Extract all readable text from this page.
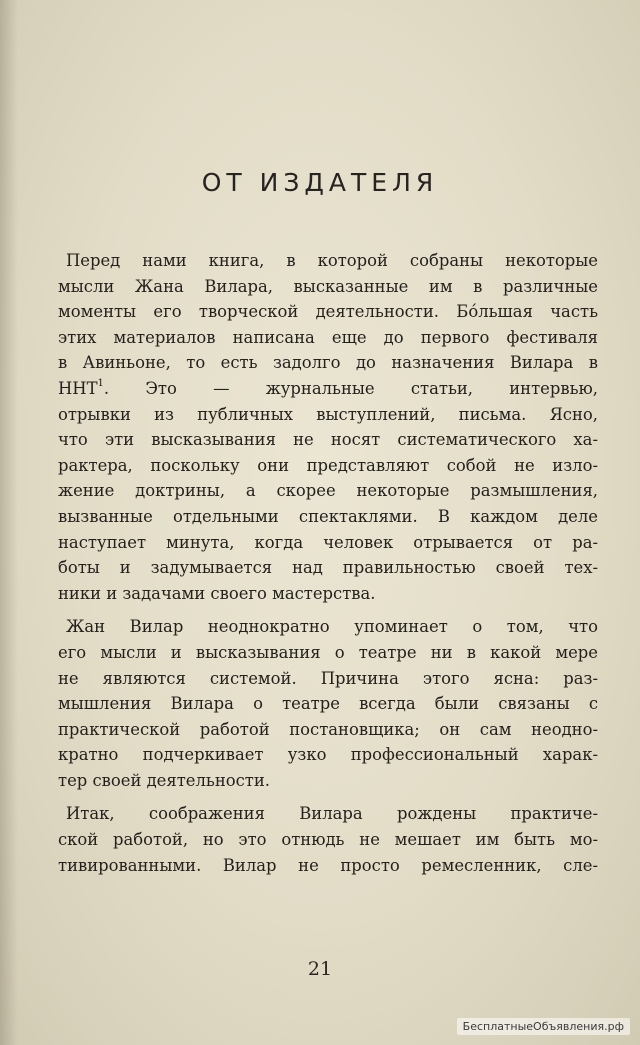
ОТ ИЗДАТЕЛЯ
Перед нами книга, в которой собраны некоторые
мысли Жана Вилара, высказанные им в различные
моменты его творческой деятельности. Бо́льшая часть
этих материалов написана еще до первого фестиваля
в Авиньоне, то есть задолго до назначения Вилара в
ННТ$^1$. Это — журнальные статьи, интервью,
отрывки из публичных выступлений, письма. Ясно,
что эти высказывания не носят систематического ха-
рактера, поскольку они представляют собой не изло-
жение доктрины, а скорее некоторые размышления,
вызванные отдельными спектаклями. В каждом деле
наступает минута, когда человек отрывается от ра-
боты и задумывается над правильностью своей тех-
ники и задачами своего мастерства.
Жан Вилар неоднократно упоминает о том, что
его мысли и высказывания о театре ни в какой мере
не являются системой. Причина этого ясна: раз-
мышления Вилара о театре всегда были связаны с
практической работой постановщика; он сам неодно-
кратно подчеркивает узко профессиональный харак-
тер своей деятельности.
Итак, соображения Вилара рождены практиче-
ской работой, но это отнюдь не мешает им быть мо-
тивированными. Вилар не просто ремесленник, сле-
21
БесплатныеОбъявления.рф
